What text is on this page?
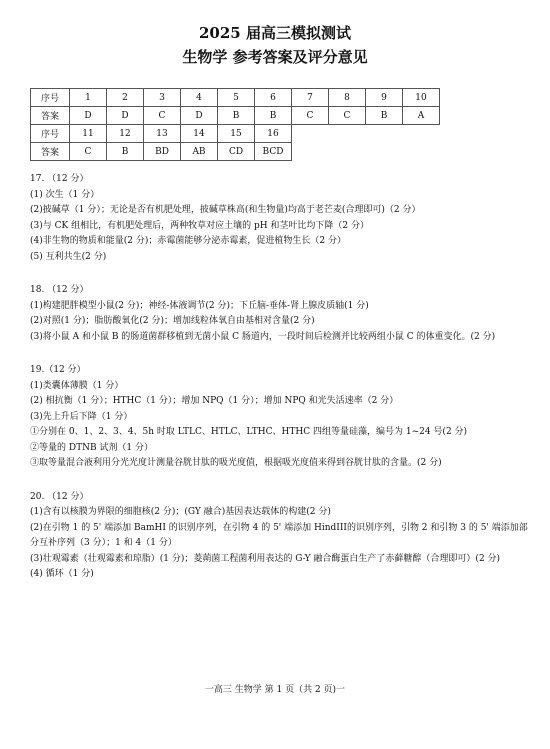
2025 届高三模拟测试
生物学 参考答案及评分意见
序号	1	2	3	4	5	6	7	8	9	10
答案	D	D	C	D	B	B	C	C	B	A
序号	11	12	13	14	15	16				
答案	C	B	BD	AB	CD	BCD				

17. （12 分）

(1) 次生（1 分）

(2)披碱草（1 分）；无论是否有机肥处理，披碱草株高(和生物量)均高于老芒麦(合理即可)（2 分）

(3)与 CK 组相比，有机肥处理后，两种牧草对应土壤的 pH 和茎叶比均下降（2 分）

(4)非生物的物质和能量(2 分)；赤霉菌能够分泌赤霉素，促进植物生长（2 分）

(5) 互利共生(2 分)

18. （12 分）

(1)构建肥胖模型小鼠(2 分)；神经-体液调节(2 分)；下丘脑-垂体-肾上腺皮质轴(1 分)

(2)对照(1 分)；脂肪酸氧化(2 分)；增加线粒体氧自由基相对含量(2 分)

(3)将小鼠 A 和小鼠 B 的肠道菌群移植到无菌小鼠 C 肠道内，一段时间后检测并比较两组小鼠 C 的体重变化。(2 分)

19.（12 分）

(1)类囊体薄膜（1 分）

(2) 相抗衡（1 分）；HTHC（1 分）；增加 NPQ（1 分）；增加 NPQ 和光失活速率（2 分）

(3)先上升后下降（1 分）

①分别在 0、1、2、3、4、5h 时取 LTLC、HTLC、LTHC、HTHC 四组等量硅藻，编号为 1~24 号(2 分)

②等量的 DTNB 试剂（1 分）

③取等量混合液利用分光光度计测量谷胱甘肽的吸光度值，根据吸光度值来得到谷胱甘肽的含量。(2 分)

20. （12 分）

(1)含有以核膜为界限的细胞核(2 分)；(GY 融合)基因表达载体的构建(2 分)

(2)在引物 1 的 5' 端添加 BamHI 的识别序列，在引物 4 的 5' 端添加 HindIII的识别序列，引物 2 和引物 3 的 5' 端添加部分互补序列（3 分）；1 和 4（1 分）

(3)壮观霉素（壮观霉素和琼脂）(1 分)；菱蒴菌工程菌利用表达的 G-Y 融合酶蛋白生产了赤藓糖醇（合理即可）(2 分)

(4) 循环（1 分)

一高三 生物学 第 1 页（共 2 页)一
